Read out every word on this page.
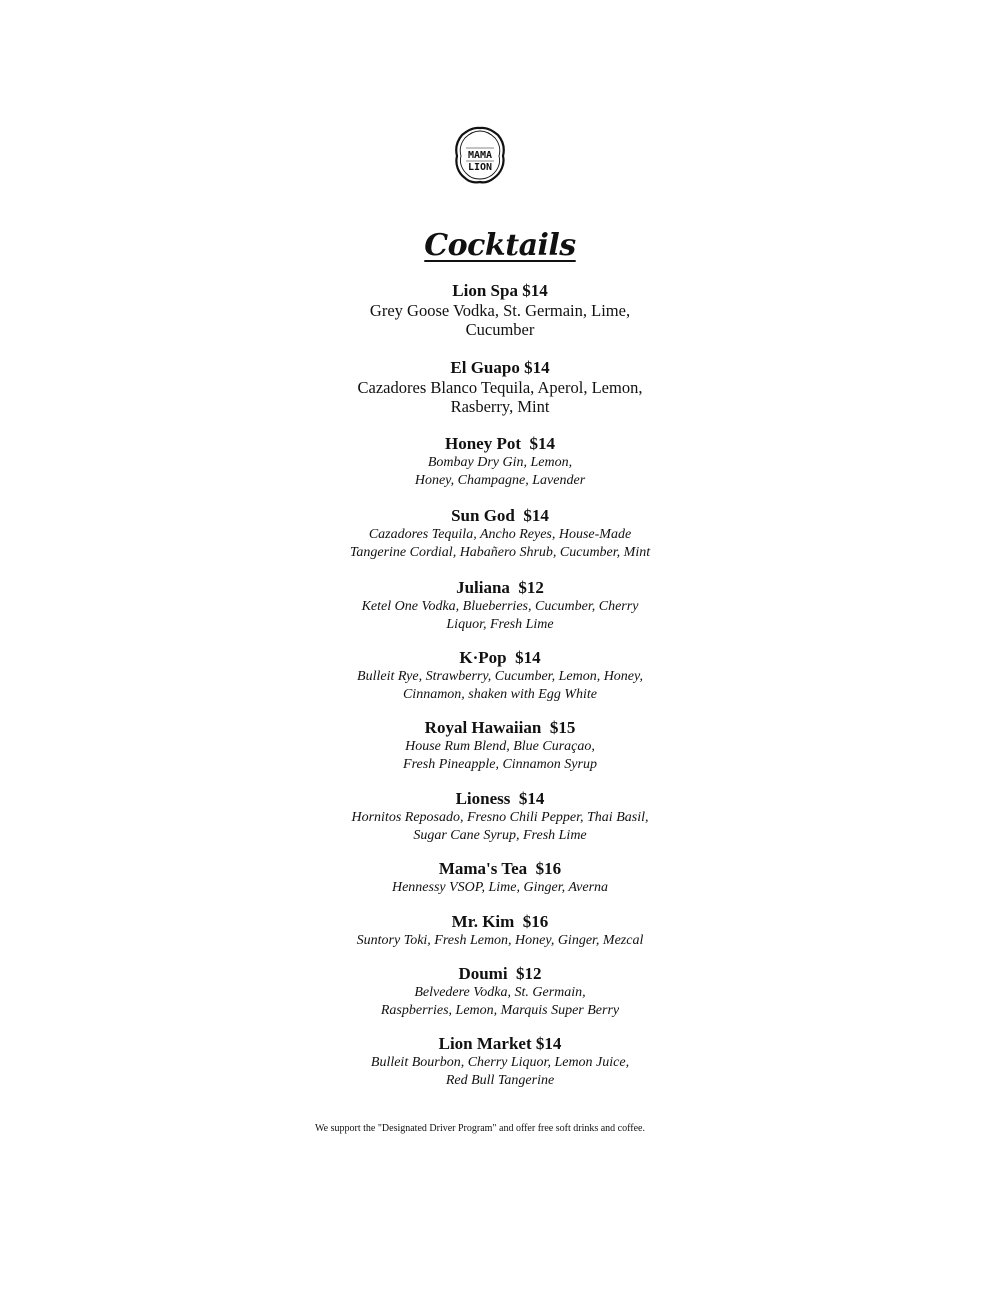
MAMA
LION
Cocktails
Lion Spa $14
Grey Goose Vodka, St. Germain, Lime,
Cucumber
El Guapo $14
Cazadores Blanco Tequila, Aperol, Lemon,
Rasberry, Mint
Honey Pot  $14
Bombay Dry Gin, Lemon,
Honey, Champagne, Lavender
Sun God  $14
Cazadores Tequila, Ancho Reyes, House-Made
Tangerine Cordial, Habañero Shrub, Cucumber, Mint
Juliana  $12
Ketel One Vodka, Blueberries, Cucumber, Cherry
Liquor, Fresh Lime
K·Pop  $14
Bulleit Rye, Strawberry, Cucumber, Lemon, Honey,
Cinnamon, shaken with Egg White
Royal Hawaiian  $15
House Rum Blend, Blue Curaçao,
Fresh Pineapple, Cinnamon Syrup
Lioness  $14
Hornitos Reposado, Fresno Chili Pepper, Thai Basil,
Sugar Cane Syrup, Fresh Lime
Mama's Tea  $16
Hennessy VSOP, Lime, Ginger, Averna
Mr. Kim  $16
Suntory Toki, Fresh Lemon, Honey, Ginger, Mezcal
Doumi  $12
Belvedere Vodka, St. Germain,
Raspberries, Lemon, Marquis Super Berry
Lion Market $14
Bulleit Bourbon, Cherry Liquor, Lemon Juice,
Red Bull Tangerine
We support the "Designated Driver Program" and offer free soft drinks and coffee.
